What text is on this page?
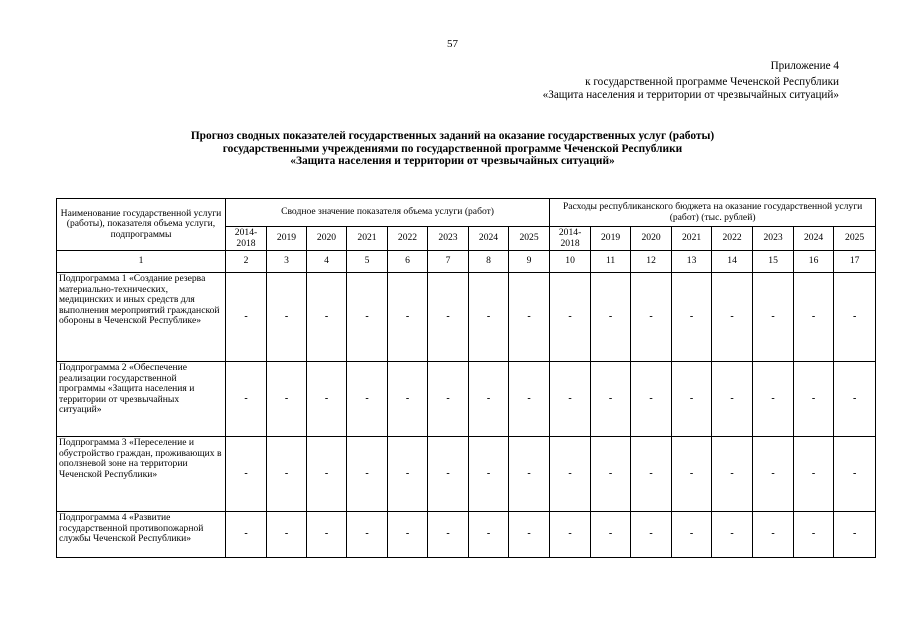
57
Приложение 4
к государственной программе Чеченской Республики
«Защита населения и территории от чрезвычайных ситуаций»
Прогноз сводных показателей государственных заданий на оказание государственных услуг (работы)
государственными учреждениями по государственной программе Чеченской Республики
«Защита населения и территории от чрезвычайных ситуаций»
Наименование государственной услуги (работы), показателя объема услуги, подпрограммы	Сводное значение показателя объема услуги (работ)								Расходы республиканского бюджета на оказание государственной услуги (работ) (тыс. рублей)							
	2014-2018	2019	2020	2021	2022	2023	2024	2025	2014-2018	2019	2020	2021	2022	2023	2024	2025
1	2	3	4	5	6	7	8	9	10	11	12	13	14	15	16	17
Подпрограмма 1 «Создание резерва материально-технических, медицинских и иных средств для выполнения мероприятий гражданской обороны в Чеченской Республике»	-	-	-	-	-	-	-	-	-	-	-	-	-	-	-	-
Подпрограмма 2 «Обеспечение реализации государственной программы «Защита населения и территории от чрезвычайных ситуаций»	-	-	-	-	-	-	-	-	-	-	-	-	-	-	-	-
Подпрограмма 3 «Переселение и обустройство граждан, проживающих в оползневой зоне на территории Чеченской Республики»	-	-	-	-	-	-	-	-	-	-	-	-	-	-	-	-
Подпрограмма 4 «Развитие государственной противопожарной службы Чеченской Республики»	-	-	-	-	-	-	-	-	-	-	-	-	-	-	-	-
